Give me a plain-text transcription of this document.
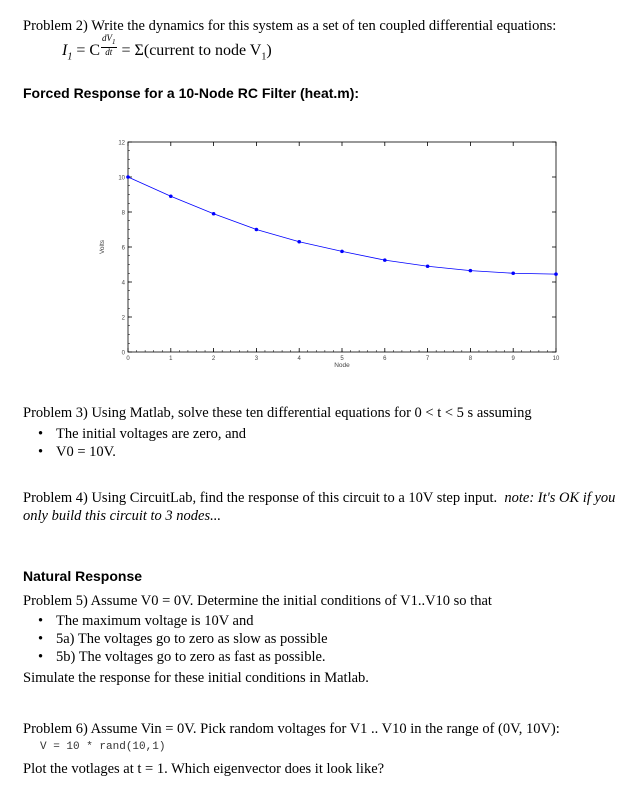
Problem 2) Write the dynamics for this system as a set of ten coupled differential equations:
$I_1 = C \frac{dV_1}{dt}$ = Σ(current to node $V_1$)
Forced Response for a 10-Node RC Filter (heat.m):
0
2
4
6
8
10
12
0	1	2	3	4	5	6	7	8	9	10
Node
Volts
Problem 3) Using Matlab, solve these ten differential equations for 0 < t < 5 s assuming
• The initial voltages are zero, and
• V0 = 10V.
Problem 4) Using CircuitLab, find the response of this circuit to a 10V step input. note: It's OK if you
only build this circuit to 3 nodes...
Natural Response
Problem 5) Assume V0 = 0V. Determine the initial conditions of V1..V10 so that
• The maximum voltage is 10V and
• 5a) The voltages go to zero as slow as possible
• 5b) The voltages go to zero as fast as possible.
Simulate the response for these initial conditions in Matlab.
Problem 6) Assume Vin = 0V. Pick random voltages for V1 .. V10 in the range of (0V, 10V):
V = 10 * rand(10,1)
Plot the votlages at t = 1. Which eigenvector does it look like?
